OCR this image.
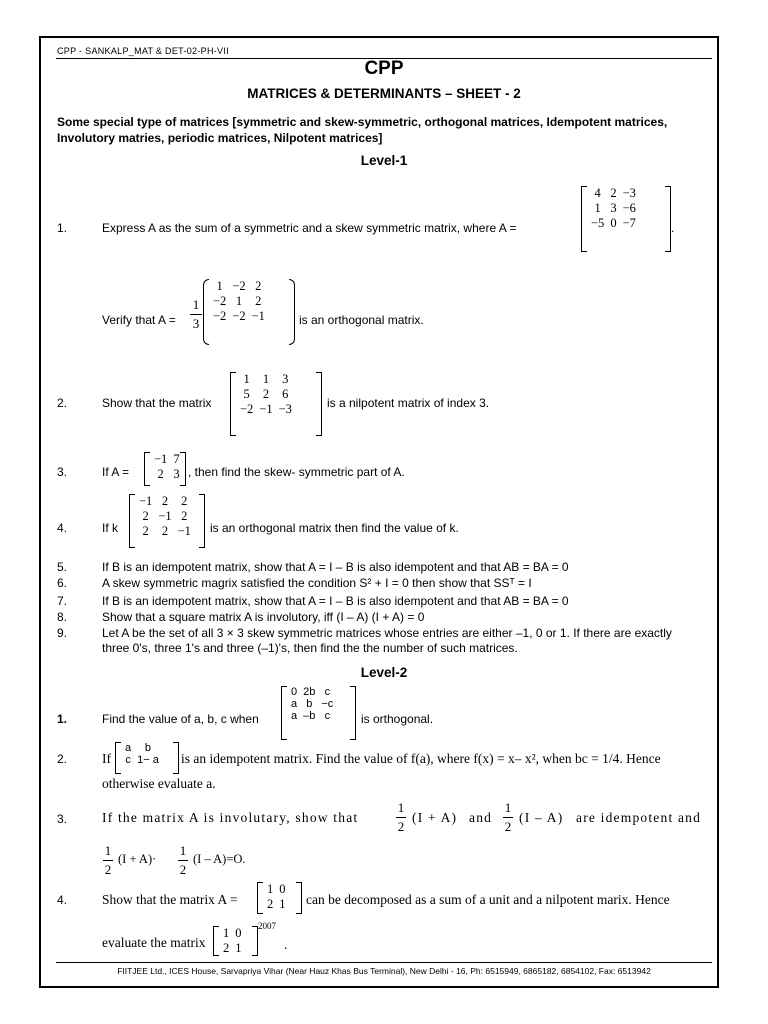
CPP - SANKALP_MAT & DET-02-PH-VII
CPP
MATRICES & DETERMINANTS – SHEET - 2
Some special type of matrices [symmetric and skew-symmetric, orthogonal matrices, Idempotent matrices, Involutory matries, periodic matrices, Nilpotent matrices]
Level-1
1.	Express A as the sum of a symmetric and a skew symmetric matrix, where A =
4	2	−3
1	3	−6
−5	0	−7	.
Verify that A =
1
3
1	−2	2
−2	1	2
−2	−2	−1	is an orthogonal matrix.
2.	Show that the matrix
1	1	3
5	2	6
−2	−1	−3	is a nilpotent matrix of index 3.
3.	If A =
−1	7
2	3 , then find the skew- symmetric part of A.
4.	If k
−1	2	2
2	−1	2
2	2	−1 is an orthogonal matrix then find the value of k.
5.	If B is an idempotent matrix, show that A = I – B is also idempotent and that AB = BA = 0
6.	A skew symmetric magrix satisfied the condition S² + I = 0 then show that SSᵀ = I
7.	If B is an idempotent matrix, show that A = I – B is also idempotent and that AB = BA = 0
8.	Show that a square matrix A is involutory, iff (I – A) (I + A) = 0
9.	Let A be the set of all 3 × 3 skew symmetric matrices whose entries are either –1, 0 or 1. If there are exactly
three 0's, three 1's and three (–1)'s, then find the the number of such matrices.
Level-2
1.	Find the value of a, b, c when
0	2b	c
a	b	−c
a	–b	c	is orthogonal.
2.	If
a	b
c	1− a is an idempotent matrix. Find the value of f(a), where f(x) = x– x², when bc = 1/4. Hence
otherwise evaluate a.
3.	If the matrix A is involutary, show that
1
2
(I + A) and
1
2
(I – A) are idempotent and
1
2
(I + A)·
1
2
(I – A)=O.
4.	Show that the matrix A =
1	0
2	1 can be decomposed as a sum of a unit and a nilpotent marix. Hence
evaluate the matrix
1	0
2	1
2007
.
FIITJEE Ltd., ICES House, Sarvapriya Vihar (Near Hauz Khas Bus Terminal), New Delhi - 16, Ph: 6515949, 6865182, 6854102, Fax: 6513942
